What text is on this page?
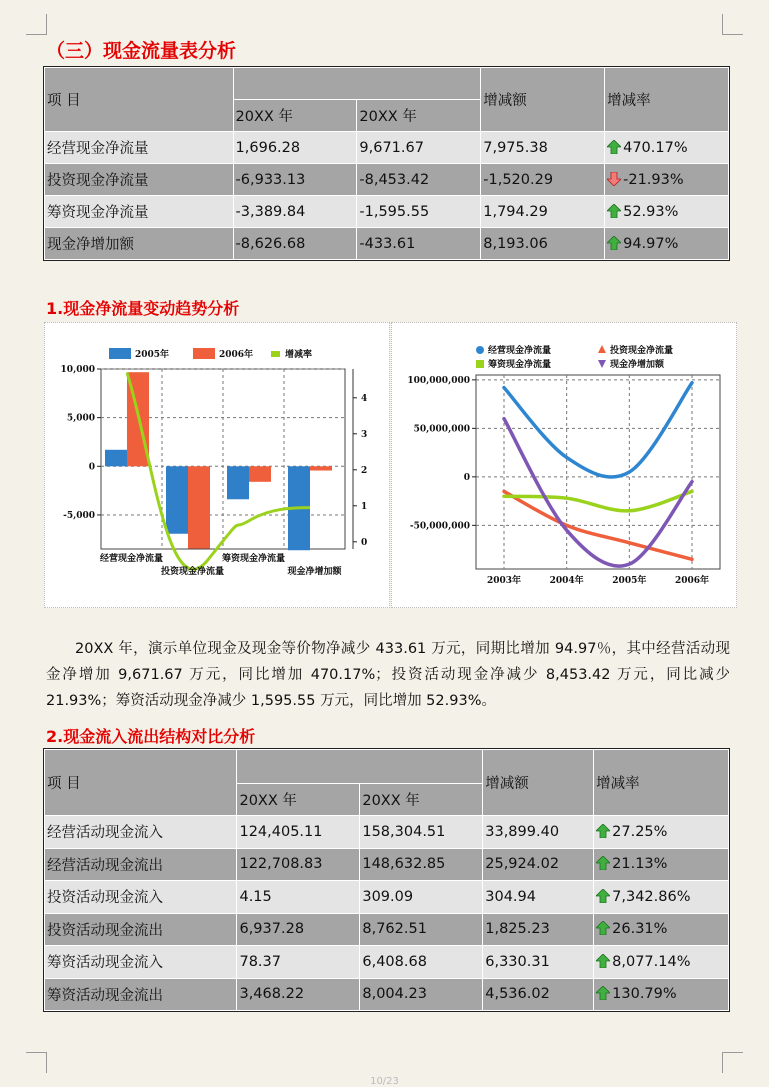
（三）现金流量表分析
项 目			增减额	增减率
	20XX 年	20XX 年		
经营现金净流量	1,696.28	9,671.67	7,975.38	470.17%
投资现金净流量	-6,933.13	-8,453.42	-1,520.29	-21.93%
筹资现金净流量	-3,389.84	-1,595.55	1,794.29	52.93%
现金净增加额	-8,626.68	-433.61	8,193.06	94.97%
1.现金净流量变动趋势分析
2005年	2006年	增减率
10,000
5,000
0
-5,000
4
3
2
1
0
经营现金净流量
投资现金净流量
筹资现金净流量
现金净增加额
经营现金净流量	投资现金净流量
筹资现金净流量	现金净增加额
100,000,000
50,000,000
0
-50,000,000
2003年	2004年	2005年	2006年
20XX 年，演示单位现金及现金等价物净减少 433.61 万元，同期比增加 94.97％，其中经营活动现金净增加 9,671.67 万元，同比增加 470.17%；投资活动现金净减少 8,453.42 万元，同比减少 21.93%；筹资活动现金净减少 1,595.55 万元，同比增加 52.93%。
2.现金流入流出结构对比分析
项 目			增减额	增减率
	20XX 年	20XX 年		
经营活动现金流入	124,405.11	158,304.51	33,899.40	27.25%
经营活动现金流出	122,708.83	148,632.85	25,924.02	21.13%
投资活动现金流入	4.15	309.09	304.94	7,342.86%
投资活动现金流出	6,937.28	8,762.51	1,825.23	26.31%
筹资活动现金流入	78.37	6,408.68	6,330.31	8,077.14%
筹资活动现金流出	3,468.22	8,004.23	4,536.02	130.79%
10/23
